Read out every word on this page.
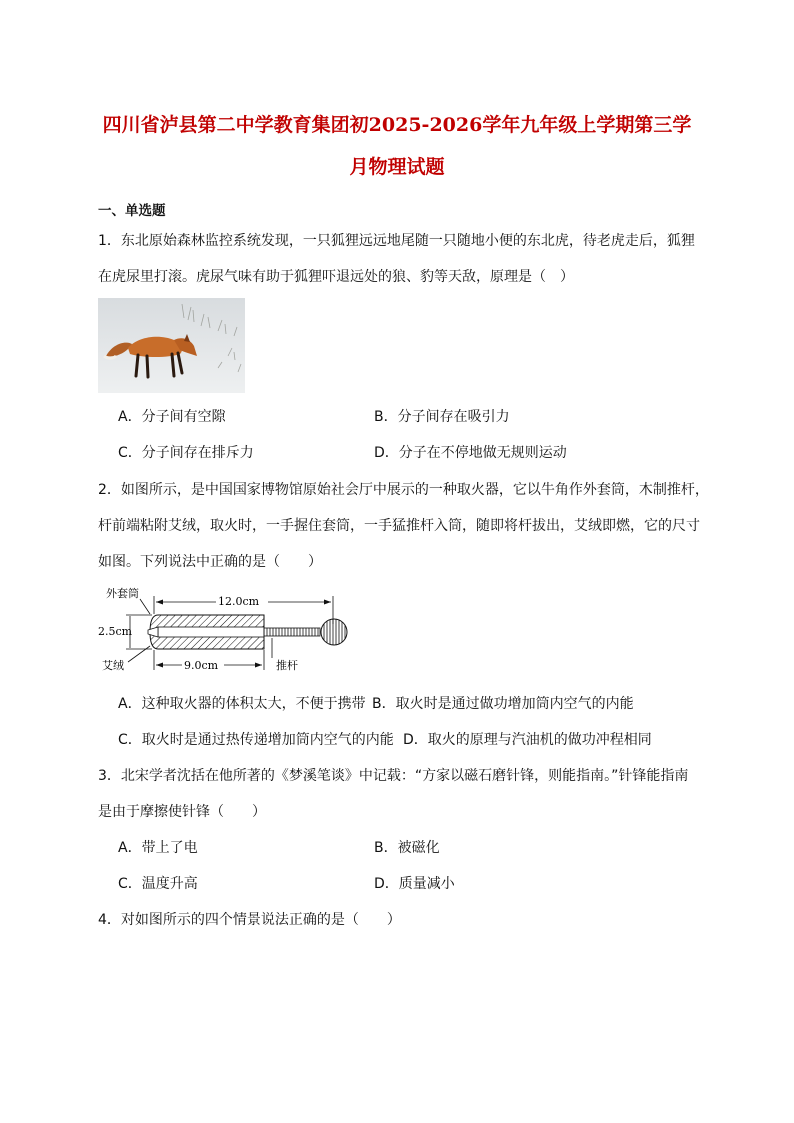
四川省泸县第二中学教育集团初2025-2026学年九年级上学期第三学
月物理试题
一、单选题
1．东北原始森林监控系统发现，一只狐狸远远地尾随一只随地小便的东北虎，待老虎走后，狐狸
在虎尿里打滚。虎尿气味有助于狐狸吓退远处的狼、豹等天敌，原理是（　）
A．分子间有空隙	B．分子间存在吸引力
C．分子间存在排斥力	D．分子在不停地做无规则运动
2．如图所示，是中国国家博物馆原始社会厅中展示的一种取火器，它以牛角作外套筒，木制推杆，
杆前端粘附艾绒，取火时，一手握住套筒，一手猛推杆入筒，随即将杆拔出，艾绒即燃，它的尺寸
如图。下列说法中正确的是（　　）
外套筒
12.0cm
2.5cm
艾绒	9.0cm	推杆
A．这种取火器的体积太大，不便于携带 B．取火时是通过做功增加筒内空气的内能
C．取火时是通过热传递增加筒内空气的内能 D．取火的原理与汽油机的做功冲程相同
3．北宋学者沈括在他所著的《梦溪笔谈》中记载：“方家以磁石磨针锋，则能指南。”针锋能指南
是由于摩擦使针锋（　　）
A．带上了电	B．被磁化
C．温度升高	D．质量减小
4．对如图所示的四个情景说法正确的是（　　）
